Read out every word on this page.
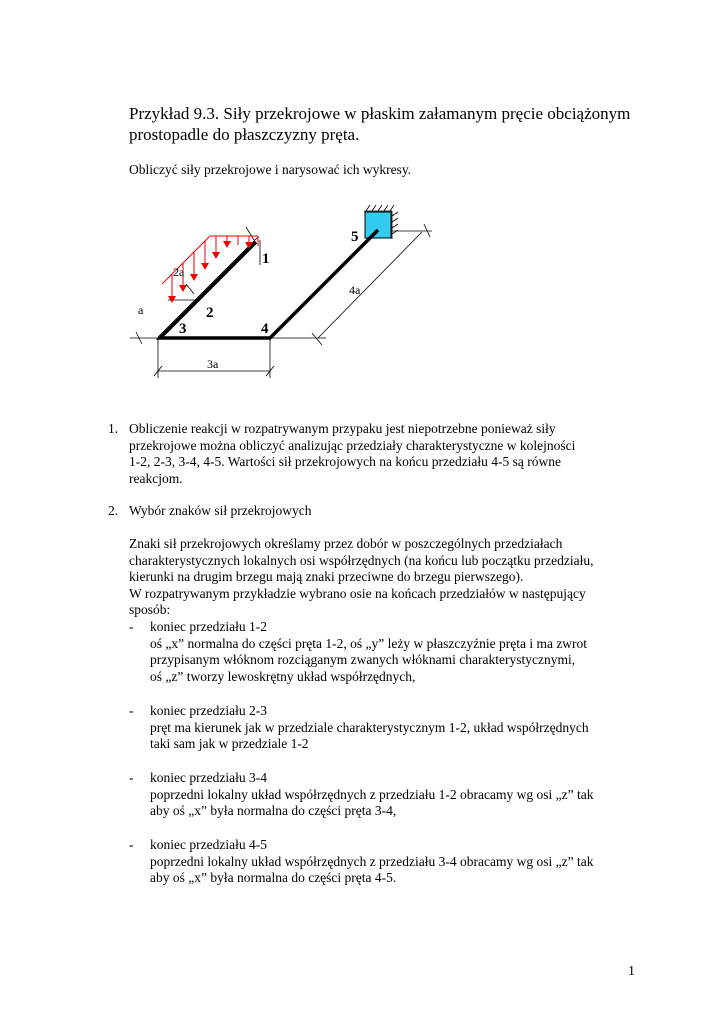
Przykład 9.3. Siły przekrojowe w płaskim załamanym pręcie obciążonym prostopadle do płaszczyzny pręta.
Obliczyć siły przekrojowe i narysować ich wykresy.
1
2
3	4
5
2a
a
4a
3a
1. Obliczenie reakcji w rozpatrywanym przypaku jest niepotrzebne ponieważ siły
przekrojowe można obliczyć analizując przedziały charakterystyczne w kolejności
1-2, 2-3, 3-4, 4-5. Wartości sił przekrojowych na końcu przedziału 4-5 są równe
reakcjom.
2. Wybór znaków sił przekrojowych
Znaki sił przekrojowych określamy przez dobór w poszczególnych przedziałach
charakterystycznych lokalnych osi współrzędnych (na końcu lub początku przedziału,
kierunki na drugim brzegu mają znaki przeciwne do brzegu pierwszego).
W rozpatrywanym przykładzie wybrano osie na końcach przedziałów w następujący
sposób:
- koniec przedziału 1-2
oś „x” normalna do części pręta 1-2, oś „y” leży w płaszczyźnie pręta i ma zwrot
przypisanym włóknom rozciąganym zwanych włóknami charakterystycznymi,
oś „z” tworzy lewoskrętny układ współrzędnych,
- koniec przedziału 2-3
pręt ma kierunek jak w przedziale charakterystycznym 1-2, układ współrzędnych
taki sam jak w przedziale 1-2
- koniec przedziału 3-4
poprzedni lokalny układ współrzędnych z przedziału 1-2 obracamy wg osi „z” tak
aby oś „x” była normalna do części pręta 3-4,
- koniec przedziału 4-5
poprzedni lokalny układ współrzędnych z przedziału 3-4 obracamy wg osi „z” tak
aby oś „x” była normalna do części pręta 4-5.
1
